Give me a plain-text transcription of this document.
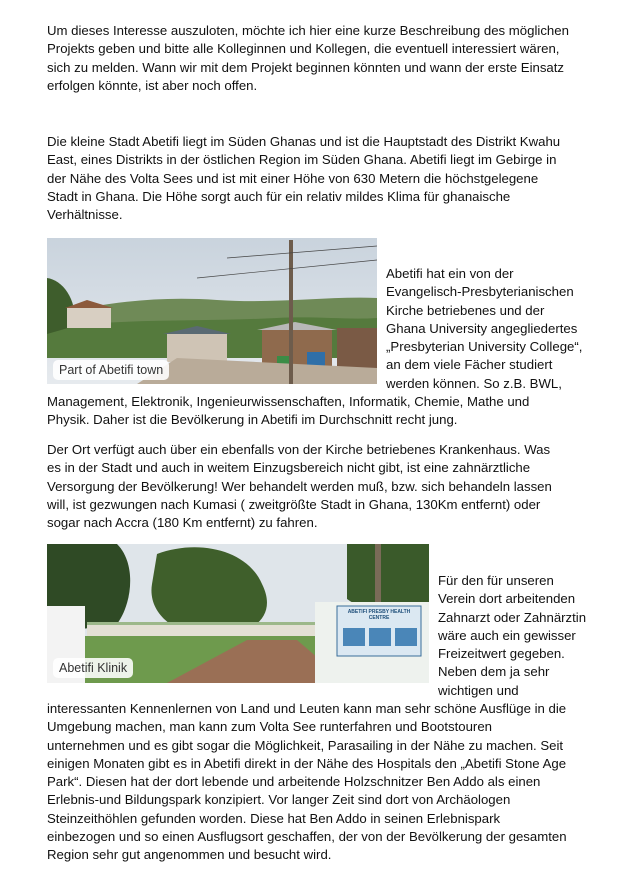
Um dieses Interesse auszuloten, möchte ich hier eine kurze Beschreibung des möglichen
Projekts geben und bitte alle Kolleginnen und Kollegen, die eventuell interessiert wären,
sich zu melden. Wann wir mit dem Projekt beginnen könnten und wann der erste Einsatz
erfolgen könnte, ist aber noch offen.
Die kleine Stadt Abetifi liegt im Süden Ghanas und ist die Hauptstadt des Distrikt Kwahu
East, eines Distrikts in der östlichen Region im Süden Ghana. Abetifi liegt im Gebirge in
der Nähe des Volta Sees und ist mit einer Höhe von 630 Metern die höchstgelegene
Stadt in Ghana. Die Höhe sorgt auch für ein relativ mildes Klima für ghanaische
Verhältnisse.
Part of Abetifi town
Abetifi hat ein von der
Evangelisch-Presbyterianischen
Kirche betriebenes und der
Ghana University angegliedertes
„Presbyterian University College“,
an dem viele Fächer studiert
werden können. So z.B. BWL,
Management, Elektronik, Ingenieurwissenschaften, Informatik, Chemie, Mathe und
Physik. Daher ist die Bevölkerung in Abetifi im Durchschnitt recht jung.
Der Ort verfügt auch über ein ebenfalls von der Kirche betriebenes Krankenhaus. Was
es in der Stadt und auch in weitem Einzugsbereich nicht gibt, ist eine zahnärztliche
Versorgung der Bevölkerung! Wer behandelt werden muß, bzw. sich behandeln lassen
will, ist gezwungen nach Kumasi ( zweitgrößte Stadt in Ghana, 130Km entfernt) oder
sogar nach Accra (180 Km entfernt) zu fahren.
ABETIFI PRESBY HEALTH CENTRE
Abetifi Klinik
Für den für unseren
Verein dort arbeitenden
Zahnarzt oder Zahnärztin
wäre auch ein gewisser
Freizeitwert gegeben.
Neben dem ja sehr
wichtigen und
interessanten Kennenlernen von Land und Leuten kann man sehr schöne Ausflüge in die
Umgebung machen, man kann zum Volta See runterfahren und Bootstouren
unternehmen und es gibt sogar die Möglichkeit, Parasailing in der Nähe zu machen. Seit
einigen Monaten gibt es in Abetifi direkt in der Nähe des Hospitals den „Abetifi Stone Age
Park“. Diesen hat der dort lebende und arbeitende Holzschnitzer Ben Addo als einen
Erlebnis-und Bildungspark konzipiert. Vor langer Zeit sind dort von Archäologen
Steinzeithöhlen gefunden worden. Diese hat Ben Addo in seinen Erlebnispark
einbezogen und so einen Ausflugsort geschaffen, der von der Bevölkerung der gesamten
Region sehr gut angenommen und besucht wird.
